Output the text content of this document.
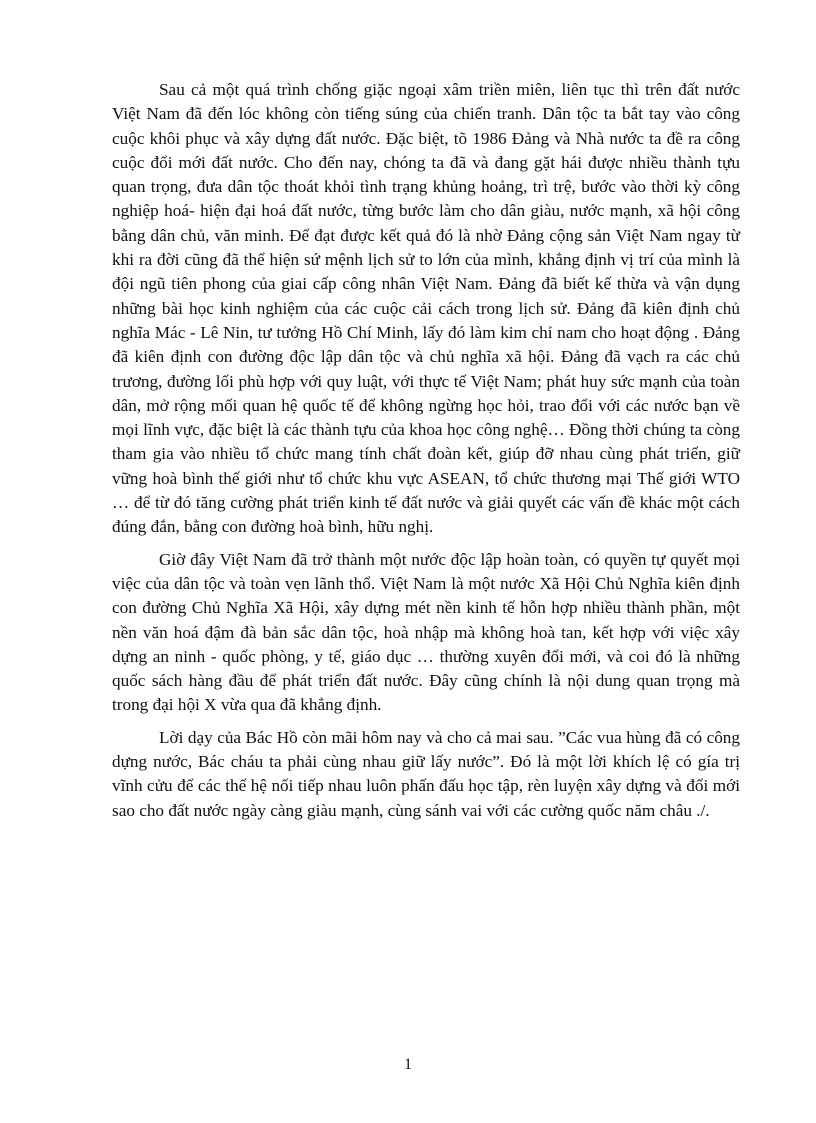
Sau cả một quá trình chống giặc ngoại xâm triền miên, liên tục thì trên đất nước Việt Nam đã đến lóc không còn tiếng súng của chiến tranh. Dân tộc ta bắt tay vào công cuộc khôi phục và xây dựng đất nước. Đặc biệt, tõ 1986 Đảng và Nhà nước ta đề ra công cuộc đổi mới đất nước. Cho đến nay, chóng ta đã và đang gặt hái được nhiều thành tựu quan trọng, đưa dân tộc thoát khỏi tình trạng khủng hoảng, trì trệ, bước vào thời kỳ công nghiệp hoá- hiện đại hoá đất nước, từng bước làm cho dân giàu, nước mạnh, xã hội công bằng dân chủ, văn minh. Để đạt được kết quả đó là nhờ Đảng cộng sản Việt Nam ngay từ khi ra đời cũng đã thể hiện sứ mệnh lịch sử to lớn của mình, khẳng định vị trí của mình là đội ngũ tiên phong của giai cấp công nhân Việt Nam. Đảng đã biết kế thừa và vận dụng những bài học kinh nghiệm của các cuộc cải cách trong lịch sử. Đảng đã kiên định chủ nghĩa Mác - Lê Nin, tư tưởng Hồ Chí Minh, lấy đó làm kim chỉ nam cho hoạt động . Đảng đã kiên định con đường độc lập dân tộc và chủ nghĩa xã hội. Đảng đã vạch ra các chủ trương, đường lối phù hợp với quy luật, với thực tế Việt Nam; phát huy sức mạnh của toàn dân, mở rộng mối quan hệ quốc tế để không ngừng học hỏi, trao đổi với các nước bạn về mọi lĩnh vực, đặc biệt là các thành tựu của khoa học công nghệ… Đồng thời chúng ta còng tham gia vào nhiều tổ chức mang tính chất đoàn kết, giúp đỡ nhau cùng phát triển, giữ vững hoà bình thế giới như tổ chức khu vực ASEAN, tổ chức thương mại Thế giới WTO … để từ đó tăng cường phát triển kinh tế đất nước và giải quyết các vấn đề khác một cách đúng đắn, bằng con đường hoà bình, hữu nghị.

Giờ đây Việt Nam đã trở thành một nước độc lập hoàn toàn, có quyền tự quyết mọi việc của dân tộc và toàn vẹn lãnh thổ. Việt Nam là một nước Xã Hội Chủ Nghĩa kiên định con đường Chủ Nghĩa Xã Hội, xây dựng mét nền kinh tế hỗn hợp nhiều thành phần, một nền văn hoá đậm đà bản sắc dân tộc, hoà nhập mà không hoà tan, kết hợp với việc xây dựng an ninh - quốc phòng, y tế, giáo dục … thường xuyên đổi mới, và coi đó là những quốc sách hàng đầu để phát triển đất nước. Đây cũng chính là nội dung quan trọng mà trong đại hội X vừa qua đã khẳng định.

Lời dạy của Bác Hồ còn mãi hôm nay và cho cả mai sau. ”Các vua hùng đã có công dựng nước, Bác cháu ta phải cùng nhau giữ lấy nước”. Đó là một lời khích lệ có gía trị vĩnh cửu để các thế hệ nối tiếp nhau luôn phấn đấu học tập, rèn luyện xây dựng và đổi mới sao cho đất nước ngày càng giàu mạnh, cùng sánh vai với các cường quốc năm châu ./.

1
